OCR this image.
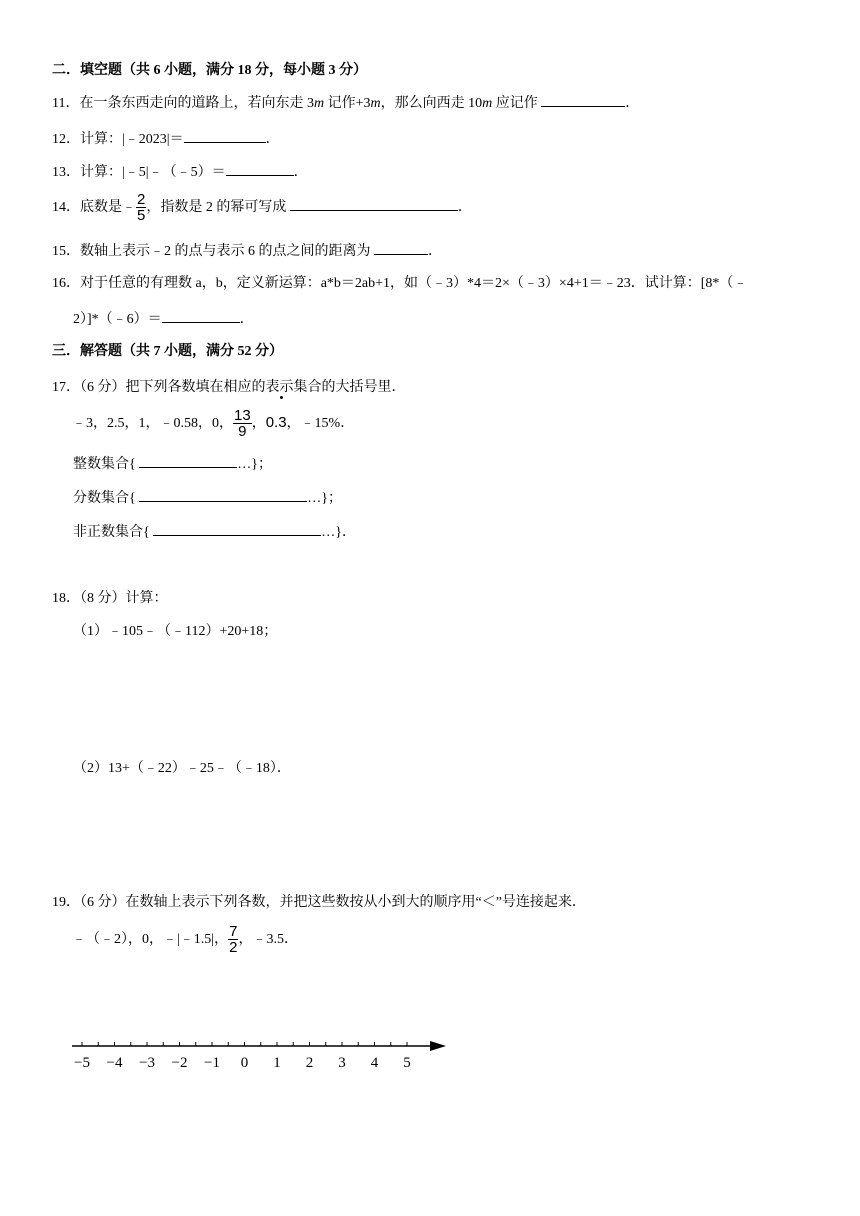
二．填空题（共 6 小题，满分 18 分，每小题 3 分）
11．在一条东西走向的道路上，若向东走 3m 记作+3m，那么向西走 10m 应记作	．
12．计算：|﹣2023|＝	．
13．计算：|﹣5|﹣（﹣5）＝	．
14．底数是﹣ $\frac{2}{5}$ ，指数是 2 的幂可写成	．
15．数轴上表示﹣2 的点与表示 6 的点之间的距离为	．
16．对于任意的有理数 a，b，定义新运算：a*b＝2ab+1，如（﹣3）*4＝2×（﹣3）×4+1＝﹣23．试计算：[8*（﹣
2）]*（﹣6）＝	．
三．解答题（共 7 小题，满分 52 分）
17．（6 分）把下列各数填在相应的表示集合的大括号里．
﹣3，2.5，1，﹣0.58，0， $\frac{13}{9}$ ，0.3，﹣15%．
整数集合{	…}；
分数集合{	…}；
非正数集合{	…}．
18．（8 分）计算：
（1）﹣105﹣（﹣112）+20+18；
（2）13+（﹣22）﹣25﹣（﹣18）．
19．（6 分）在数轴上表示下列各数，并把这些数按从小到大的顺序用“＜”号连接起来．
﹣（﹣2），0，﹣|﹣1.5|， $\frac{7}{2}$ ，﹣3.5．
−5 −4 −3 −2 −1 0 1 2 3 4 5
